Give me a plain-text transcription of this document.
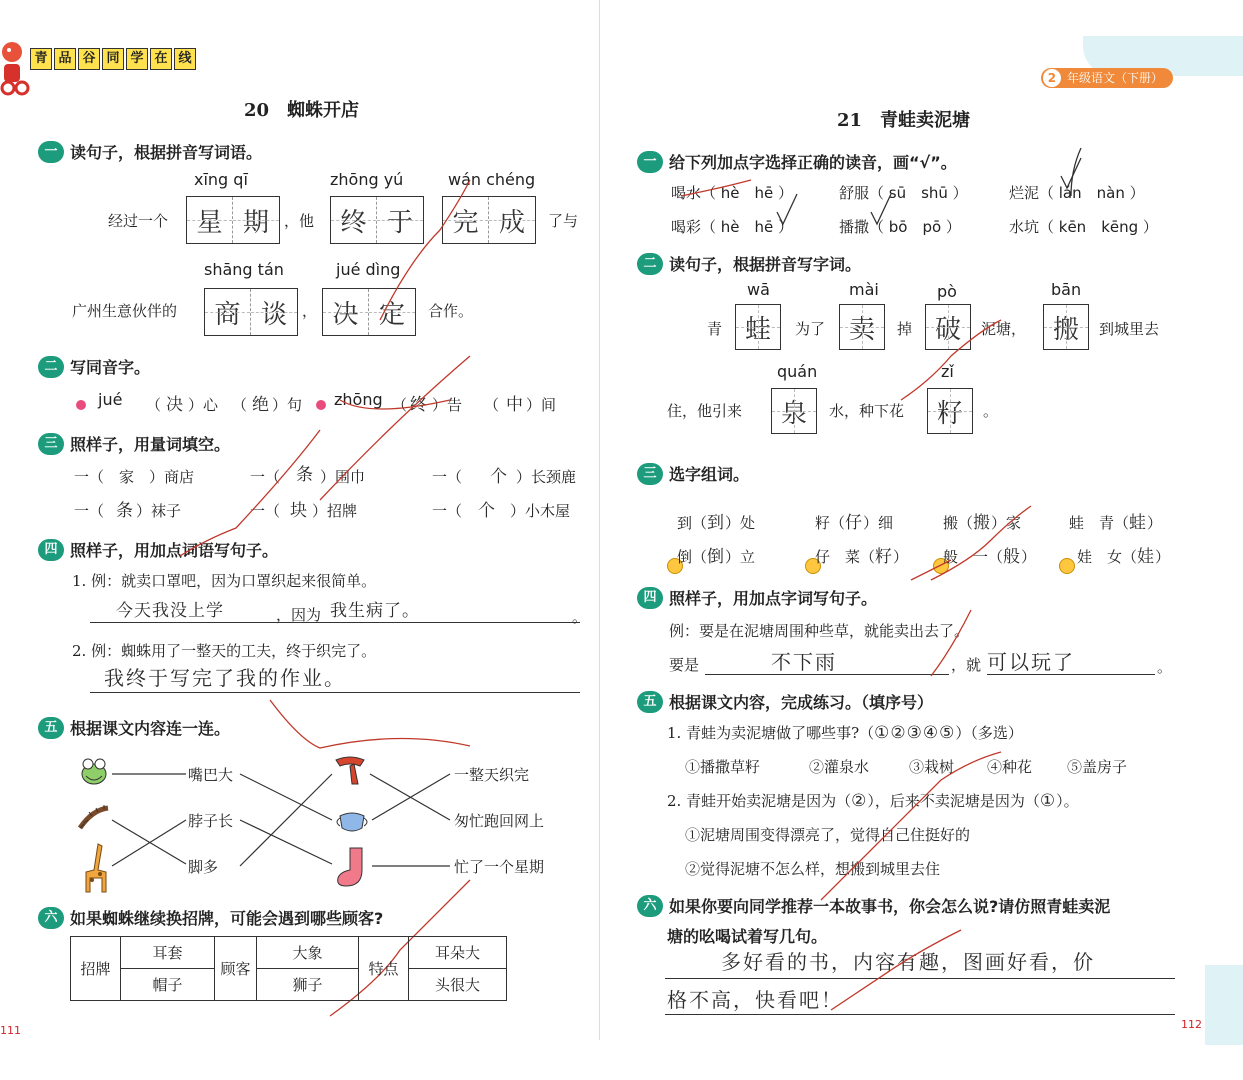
青 品 谷 同 学 在 线
20　蜘蛛开店
一 读句子，根据拼音写词语。
xīng qī	zhōng yú	wán chéng
经过一个	星 期	，他	终 于	完 成	了与
shāng tán	jué dìng
广州生意伙伴的	商 谈	， 决 定	合作。
二 写同音字。
jué （ 决 ）心 （ 绝 ）句 zhōng （ 终 ）告 （ 中 ）间
三 照样子，用量词填空。
一（　家　）商店	一（ 条 ）围巾	一（ 个 ）长颈鹿
一（ 条 ）袜子	一（ 块 ）招牌	一（ 个 ）小木屋
四 照样子，用加点词语写句子。
1. 例：就卖口罩吧，因为口罩织起来很简单。
今天我没上学	，因为 我生病了。	。
2. 例：蜘蛛用了一整天的工夫，终于织完了。
我终于写完了我的作业。
五 根据课文内容连一连。
嘴巴大
脖子长
脚多
一整天织完
匆忙跑回网上
忙了一个星期
六 如果蜘蛛继续换招牌，可能会遇到哪些顾客?
招牌	耳套	顾客	大象	特点	耳朵大
	帽子		狮子		头很大
111
2 年级语文（下册）
21　青蛙卖泥塘
一 给下列加点字选择正确的读音，画“√”。
喝水（ hè　hē ）	舒服（ sū　shū ）	烂泥（ lán　nàn ）
喝彩（ hè　hē ）	播撒（ bō　pō ）	水坑（ kēn　kēng ）
二 读句子，根据拼音写字词。
wā	mài	pò	bān
青 蛙	为了 卖	掉 破	泥塘，	搬	到城里去
quán	zǐ
住，他引来	泉	水，种下花	籽	。
三 选字组词。
到（到）处	籽（仔）细	搬（搬）家	蛙　青（蛙）
倒（倒）立	仔　菜（籽） 般　一（般）	娃　女（娃）
四 照样子，用加点字词写句子。
例：要是在泥塘周围种些草，就能卖出去了。
要是	不下雨	，就 可以玩了	。
五 根据课文内容，完成练习。（填序号）
1. 青蛙为卖泥塘做了哪些事?（①②③④⑤）（多选）
①播撒草籽	②灌泉水	③栽树 ④种花 ⑤盖房子
2. 青蛙开始卖泥塘是因为（②），后来不卖泥塘是因为（①）。
①泥塘周围变得漂亮了，觉得自己住挺好的
②觉得泥塘不怎么样，想搬到城里去住
六 如果你要向同学推荐一本故事书，你会怎么说?请仿照青蛙卖泥
塘的吆喝试着写几句。
多好看的书，内容有趣，图画好看，价
格不高，快看吧！
112
